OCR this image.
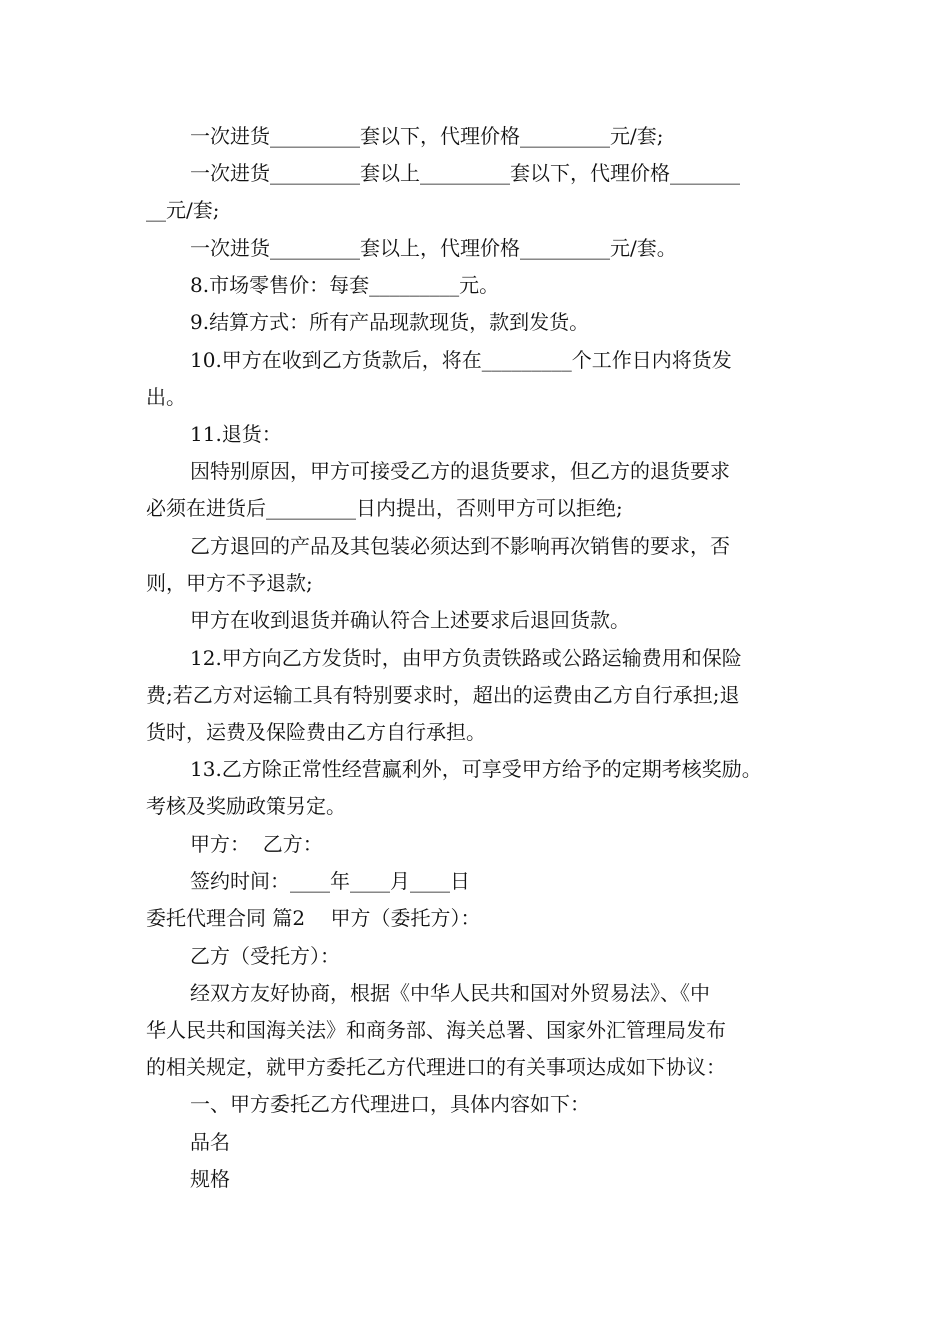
一次进货_________套以下，代理价格_________元/套;
一次进货_________套以上_________套以下，代理价格_______
__元/套;
一次进货_________套以上，代理价格_________元/套。
8.市场零售价：每套_________元。
9.结算方式：所有产品现款现货，款到发货。
10.甲方在收到乙方货款后，将在_________个工作日内将货发
出。
11.退货：
因特别原因，甲方可接受乙方的退货要求，但乙方的退货要求
必须在进货后_________日内提出，否则甲方可以拒绝;
乙方退回的产品及其包装必须达到不影响再次销售的要求，否
则，甲方不予退款;
甲方在收到退货并确认符合上述要求后退回货款。
12.甲方向乙方发货时，由甲方负责铁路或公路运输费用和保险
费;若乙方对运输工具有特别要求时，超出的运费由乙方自行承担;退
货时，运费及保险费由乙方自行承担。
13.乙方除正常性经营赢利外，可享受甲方给予的定期考核奖励。
考核及奖励政策另定。
甲方：  乙方：
签约时间：____年____月____日
委托代理合同 篇2    甲方（委托方）：
乙方（受托方）：
经双方友好协商，根据《中华人民共和国对外贸易法》、《中
华人民共和国海关法》和商务部、海关总署、国家外汇管理局发布
的相关规定，就甲方委托乙方代理进口的有关事项达成如下协议：
一、甲方委托乙方代理进口，具体内容如下：
品名
规格
